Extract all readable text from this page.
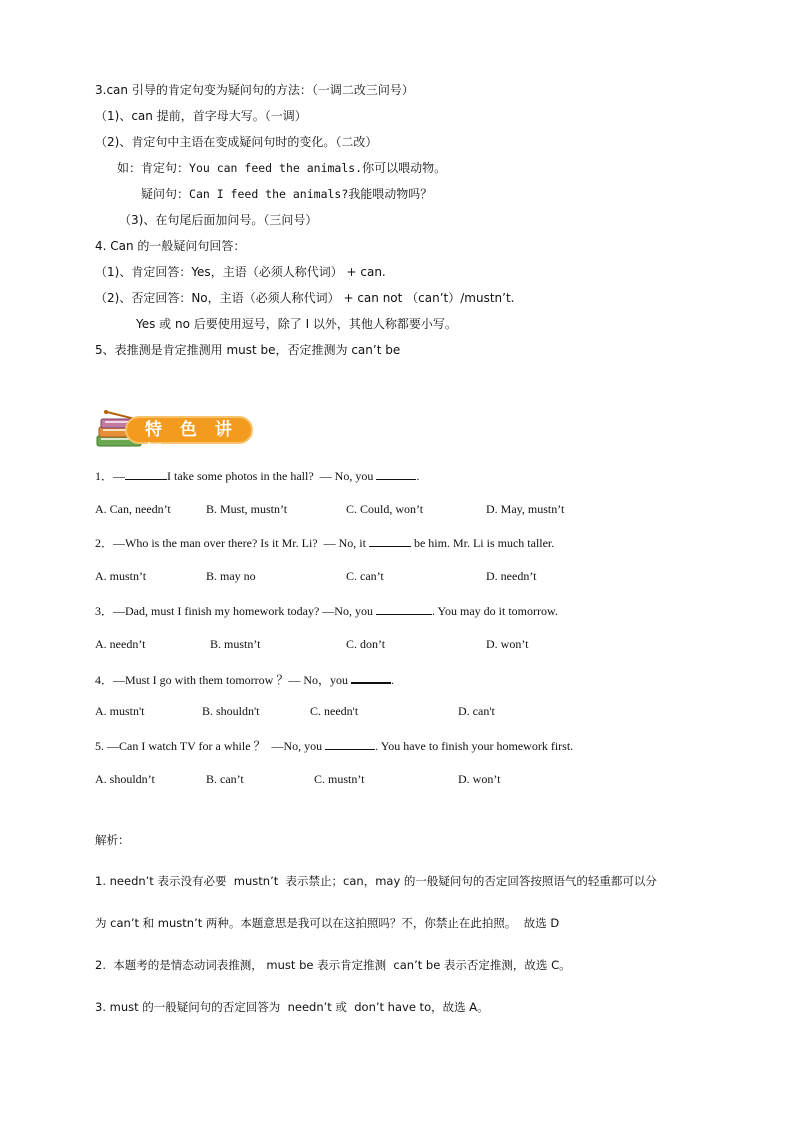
3.can 引导的肯定句变为疑问句的方法：（一调二改三问号）
（1)、can 提前，首字母大写。（一调）
（2)、肯定句中主语在变成疑问句时的变化。（二改）
如：肯定句：You can feed the animals.你可以喂动物。
疑问句：Can I feed the animals?我能喂动物吗？
（3)、在句尾后面加问号。（三问号）
4. Can 的一般疑问句回答：
（1)、肯定回答：Yes，主语（必须人称代词） + can.
（2)、否定回答：No，主语（必须人称代词） + can not （can’t）/mustn’t.
Yes 或 no 后要使用逗号，除了 I 以外，其他人称都要小写。
5、表推测是肯定推测用 must be，否定推测为 can’t be
特 色 讲 解
1．—	I take some photos in the hall?  — No, you	.
A. Can, needn’t	B. Must, mustn’t	C. Could, won’t	D. May, mustn’t
2．—Who is the man over there? Is it Mr. Li?  — No, it	be him. Mr. Li is much taller.
A. mustn’t	B. may no	C. can’t	D. needn’t
3．—Dad, must I finish my homework today? —No, you	. You may do it tomorrow.
A. needn’t	B. mustn’t	C. don’t	D. won’t
4．—Must I go with them tomorrow ？— No，you	.
A. mustn't	B. shouldn't	C. needn't	D. can't
5. —Can I watch TV for a while ？  —No, you	. You have to finish your homework first.
A. shouldn’t	B. can’t	C. mustn’t	D. won’t
解析：
1. needn’t 表示没有必要  mustn’t  表示禁止；can，may 的一般疑问句的否定回答按照语气的轻重都可以分
为 can’t 和 mustn’t 两种。本题意思是我可以在这拍照吗？不，你禁止在此拍照。  故选 D
2.  本题考的是情态动词表推测， must be 表示肯定推测  can’t be 表示否定推测，故选 C。
3. must 的一般疑问句的否定回答为  needn’t 或  don’t have to，故选 A。
